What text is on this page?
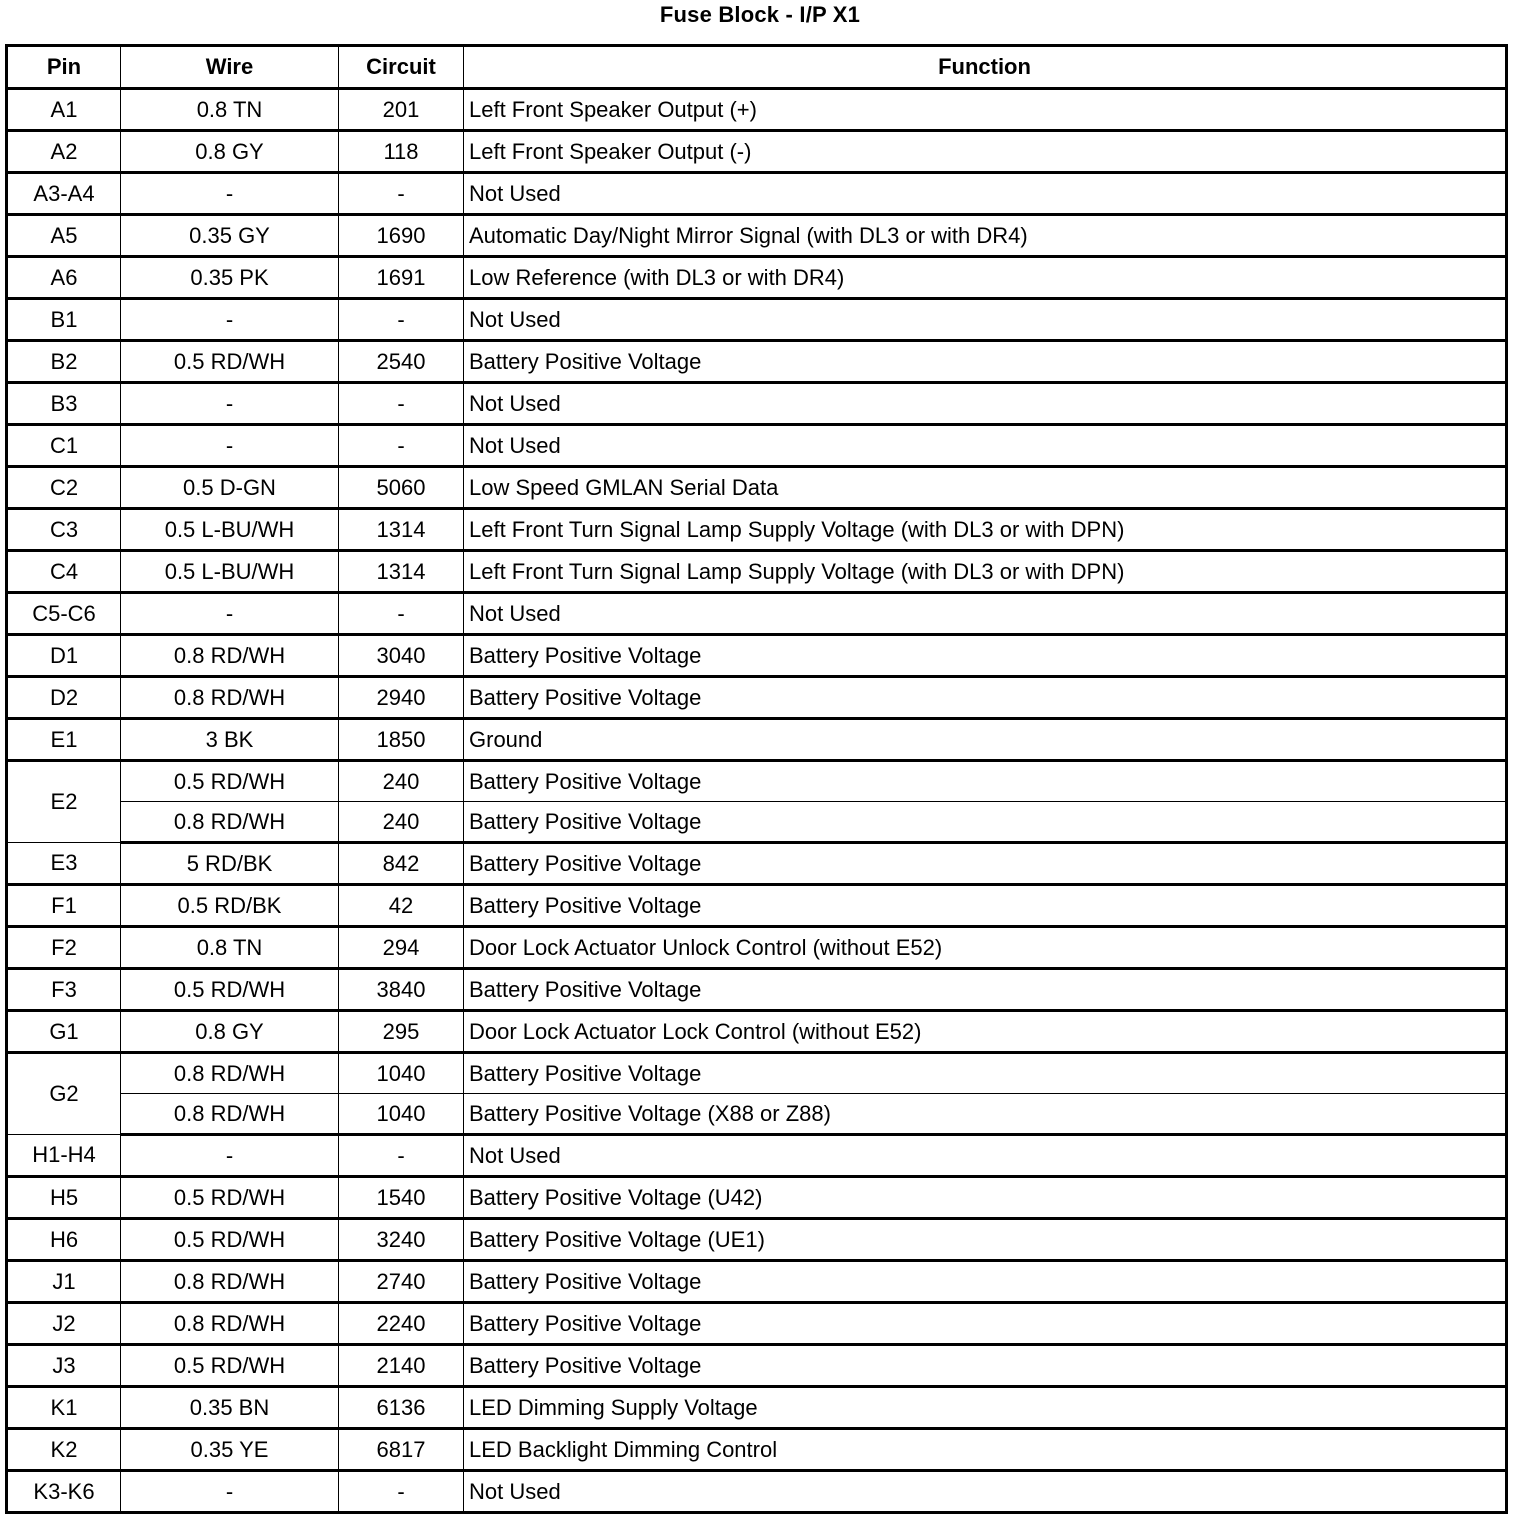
Fuse Block - I/P X1
Pin	Wire	Circuit	Function
A1	0.8 TN	201	Left Front Speaker Output (+)
A2	0.8 GY	118	Left Front Speaker Output (-)
A3-A4	-	-	Not Used
A5	0.35 GY	1690	Automatic Day/Night Mirror Signal (with DL3 or with DR4)
A6	0.35 PK	1691	Low Reference (with DL3 or with DR4)
B1	-	-	Not Used
B2	0.5 RD/WH	2540	Battery Positive Voltage
B3	-	-	Not Used
C1	-	-	Not Used
C2	0.5 D-GN	5060	Low Speed GMLAN Serial Data
C3	0.5 L-BU/WH	1314	Left Front Turn Signal Lamp Supply Voltage (with DL3 or with DPN)
C4	0.5 L-BU/WH	1314	Left Front Turn Signal Lamp Supply Voltage (with DL3 or with DPN)
C5-C6	-	-	Not Used
D1	0.8 RD/WH	3040	Battery Positive Voltage
D2	0.8 RD/WH	2940	Battery Positive Voltage
E1	3 BK	1850	Ground
E2	0.5 RD/WH	240	Battery Positive Voltage
	0.8 RD/WH	240	Battery Positive Voltage
E3	5 RD/BK	842	Battery Positive Voltage
F1	0.5 RD/BK	42	Battery Positive Voltage
F2	0.8 TN	294	Door Lock Actuator Unlock Control (without E52)
F3	0.5 RD/WH	3840	Battery Positive Voltage
G1	0.8 GY	295	Door Lock Actuator Lock Control (without E52)
G2	0.8 RD/WH	1040	Battery Positive Voltage
	0.8 RD/WH	1040	Battery Positive Voltage (X88 or Z88)
H1-H4	-	-	Not Used
H5	0.5 RD/WH	1540	Battery Positive Voltage (U42)
H6	0.5 RD/WH	3240	Battery Positive Voltage (UE1)
J1	0.8 RD/WH	2740	Battery Positive Voltage
J2	0.8 RD/WH	2240	Battery Positive Voltage
J3	0.5 RD/WH	2140	Battery Positive Voltage
K1	0.35 BN	6136	LED Dimming Supply Voltage
K2	0.35 YE	6817	LED Backlight Dimming Control
K3-K6	-	-	Not Used
